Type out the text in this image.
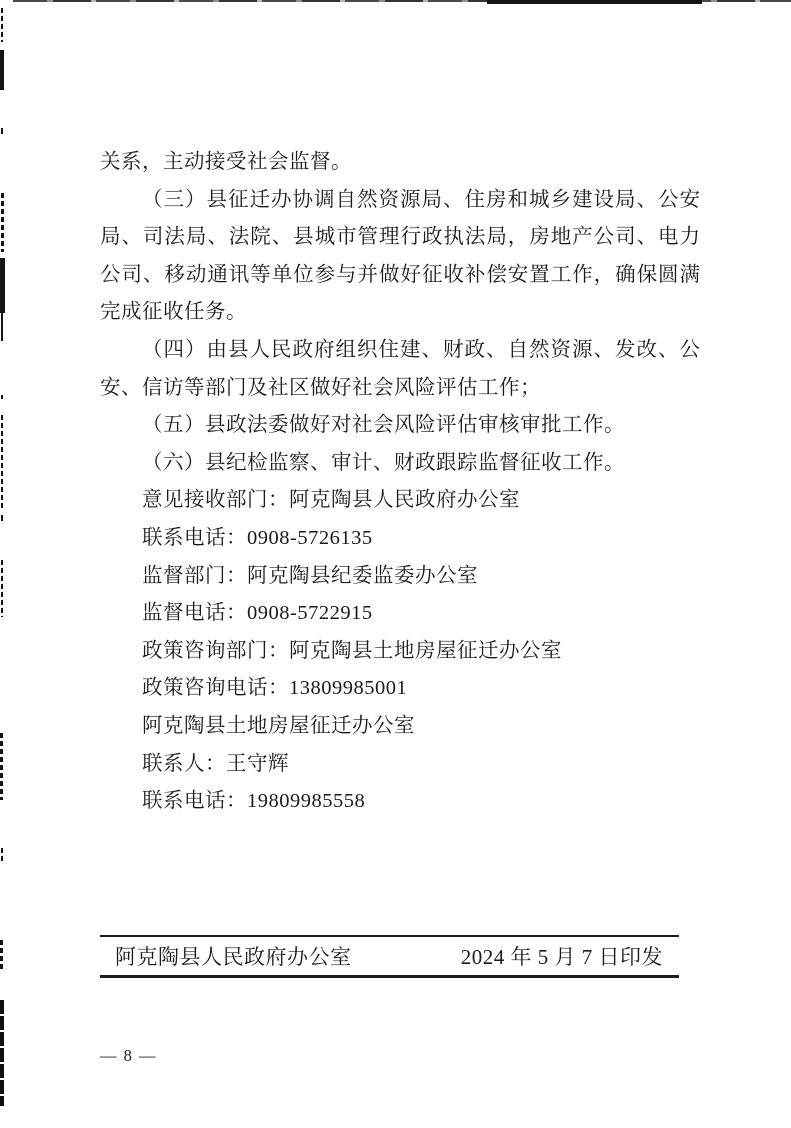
关系，主动接受社会监督。
（三）县征迁办协调自然资源局、住房和城乡建设局、公安
局、司法局、法院、县城市管理行政执法局，房地产公司、电力
公司、移动通讯等单位参与并做好征收补偿安置工作，确保圆满
完成征收任务。
（四）由县人民政府组织住建、财政、自然资源、发改、公
安、信访等部门及社区做好社会风险评估工作；
（五）县政法委做好对社会风险评估审核审批工作。
（六）县纪检监察、审计、财政跟踪监督征收工作。
意见接收部门：阿克陶县人民政府办公室
联系电话：0908-5726135
监督部门：阿克陶县纪委监委办公室
监督电话：0908-5722915
政策咨询部门：阿克陶县土地房屋征迁办公室
政策咨询电话：13809985001
阿克陶县土地房屋征迁办公室
联系人：王守辉
联系电话：19809985558
阿克陶县人民政府办公室	2024 年 5 月 7 日印发
— 8 —
